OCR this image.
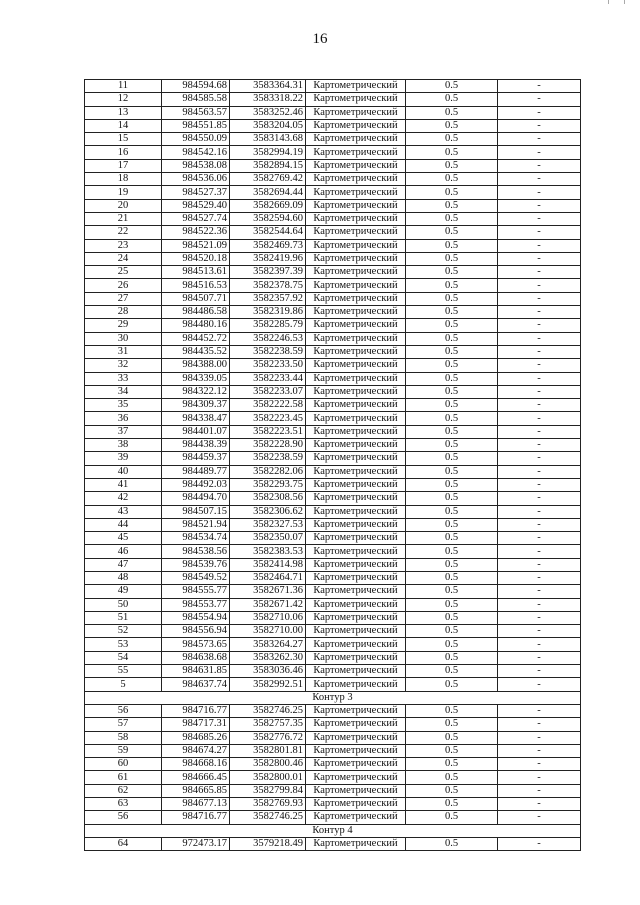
16
11	984594.68	3583364.31	Картометрический	0.5	-
12	984585.58	3583318.22	Картометрический	0.5	-
13	984563.57	3583252.46	Картометрический	0.5	-
14	984551.85	3583204.05	Картометрический	0.5	-
15	984550.09	3583143.68	Картометрический	0.5	-
16	984542.16	3582994.19	Картометрический	0.5	-
17	984538.08	3582894.15	Картометрический	0.5	-
18	984536.06	3582769.42	Картометрический	0.5	-
19	984527.37	3582694.44	Картометрический	0.5	-
20	984529.40	3582669.09	Картометрический	0.5	-
21	984527.74	3582594.60	Картометрический	0.5	-
22	984522.36	3582544.64	Картометрический	0.5	-
23	984521.09	3582469.73	Картометрический	0.5	-
24	984520.18	3582419.96	Картометрический	0.5	-
25	984513.61	3582397.39	Картометрический	0.5	-
26	984516.53	3582378.75	Картометрический	0.5	-
27	984507.71	3582357.92	Картометрический	0.5	-
28	984486.58	3582319.86	Картометрический	0.5	-
29	984480.16	3582285.79	Картометрический	0.5	-
30	984452.72	3582246.53	Картометрический	0.5	-
31	984435.52	3582238.59	Картометрический	0.5	-
32	984388.00	3582233.50	Картометрический	0.5	-
33	984339.05	3582233.44	Картометрический	0.5	-
34	984322.12	3582233.07	Картометрический	0.5	-
35	984309.37	3582222.58	Картометрический	0.5	-
36	984338.47	3582223.45	Картометрический	0.5	-
37	984401.07	3582223.51	Картометрический	0.5	-
38	984438.39	3582228.90	Картометрический	0.5	-
39	984459.37	3582238.59	Картометрический	0.5	-
40	984489.77	3582282.06	Картометрический	0.5	-
41	984492.03	3582293.75	Картометрический	0.5	-
42	984494.70	3582308.56	Картометрический	0.5	-
43	984507.15	3582306.62	Картометрический	0.5	-
44	984521.94	3582327.53	Картометрический	0.5	-
45	984534.74	3582350.07	Картометрический	0.5	-
46	984538.56	3582383.53	Картометрический	0.5	-
47	984539.76	3582414.98	Картометрический	0.5	-
48	984549.52	3582464.71	Картометрический	0.5	-
49	984555.77	3582671.36	Картометрический	0.5	-
50	984553.77	3582671.42	Картометрический	0.5	-
51	984554.94	3582710.06	Картометрический	0.5	-
52	984556.94	3582710.00	Картометрический	0.5	-
53	984573.65	3583264.27	Картометрический	0.5	-
54	984638.68	3583262.30	Картометрический	0.5	-
55	984631.85	3583036.46	Картометрический	0.5	-
5	984637.74	3582992.51	Картометрический	0.5	-
Контур 3					
56	984716.77	3582746.25	Картометрический	0.5	-
57	984717.31	3582757.35	Картометрический	0.5	-
58	984685.26	3582776.72	Картометрический	0.5	-
59	984674.27	3582801.81	Картометрический	0.5	-
60	984668.16	3582800.46	Картометрический	0.5	-
61	984666.45	3582800.01	Картометрический	0.5	-
62	984665.85	3582799.84	Картометрический	0.5	-
63	984677.13	3582769.93	Картометрический	0.5	-
56	984716.77	3582746.25	Картометрический	0.5	-
Контур 4					
64	972473.17	3579218.49	Картометрический	0.5	-
